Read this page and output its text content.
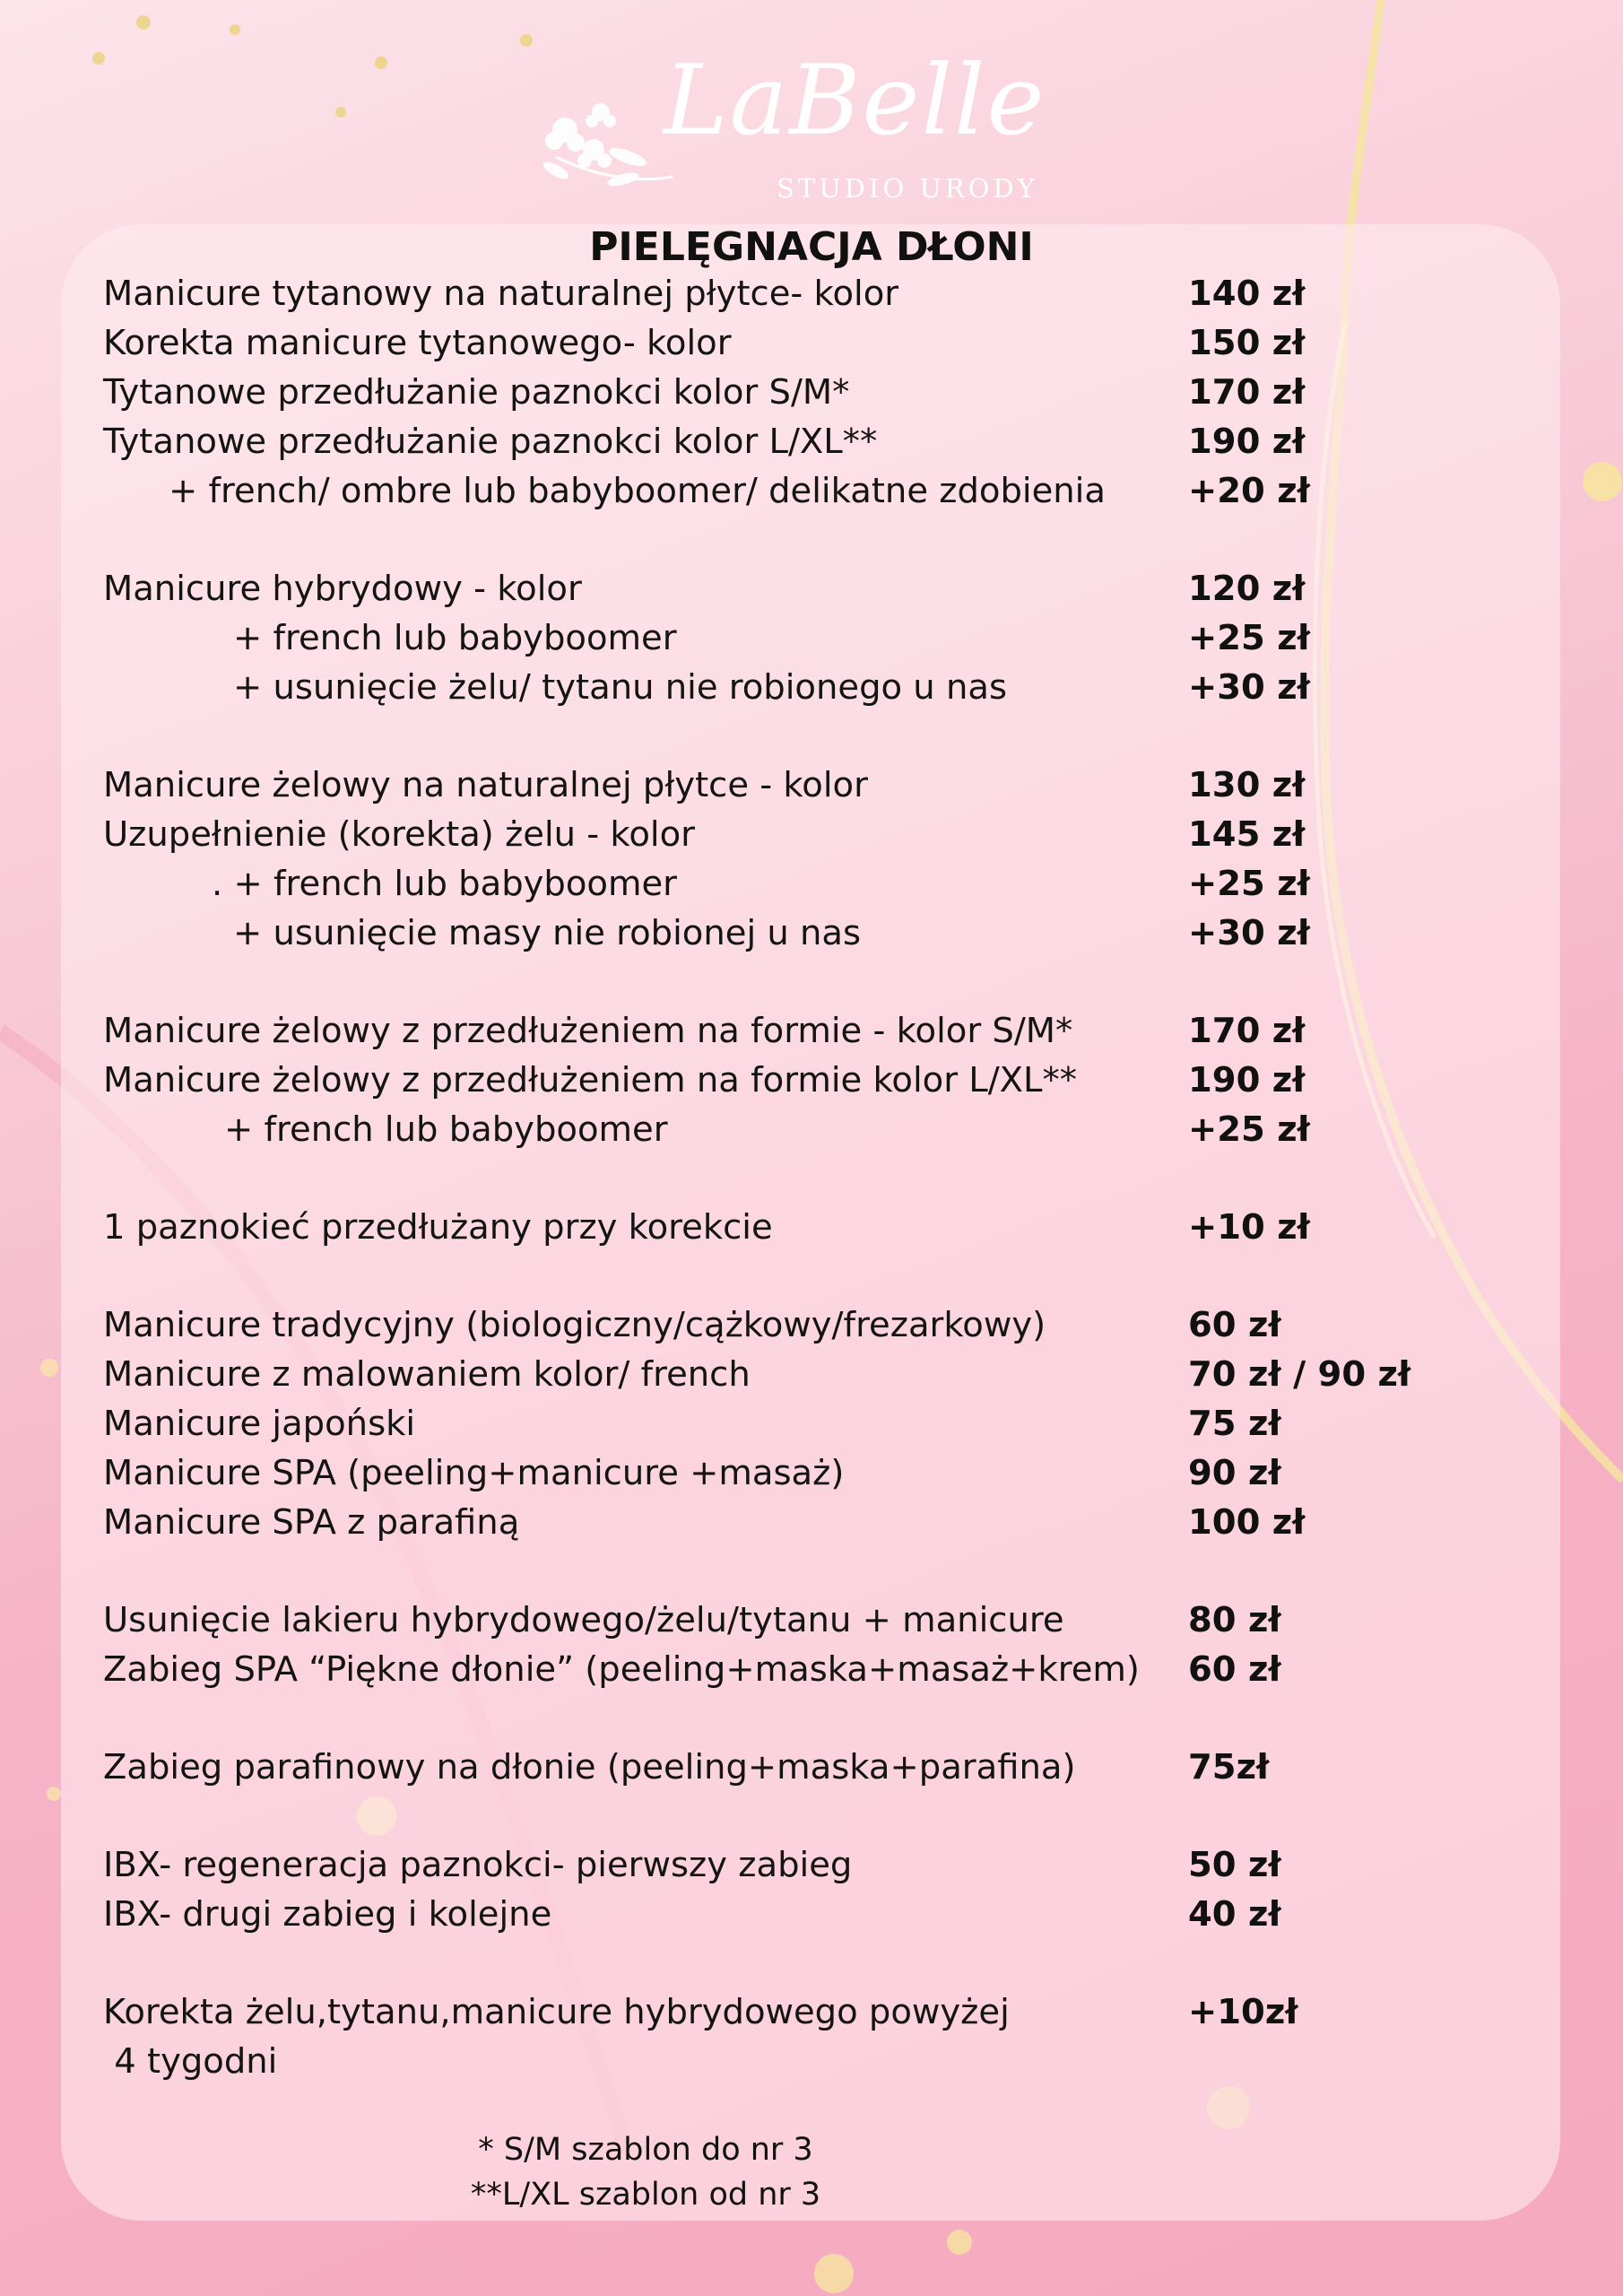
LaBelle
STUDIO URODY
PIELĘGNACJA DŁONI
Manicure tytanowy na naturalnej płytce- kolor	140 zł
Korekta manicure tytanowego- kolor	150 zł
Tytanowe przedłużanie paznokci kolor S/M*	170 zł
Tytanowe przedłużanie paznokci kolor L/XL**	190 zł
+ french/ ombre lub babyboomer/ delikatne zdobienia +20 zł
Manicure hybrydowy - kolor	120 zł
+ french lub babyboomer	+25 zł
+ usunięcie żelu/ tytanu nie robionego u nas	+30 zł
Manicure żelowy na naturalnej płytce - kolor	130 zł
Uzupełnienie (korekta) żelu - kolor	145 zł
. + french lub babyboomer	+25 zł
+ usunięcie masy nie robionej u nas	+30 zł
Manicure żelowy z przedłużeniem na formie - kolor S/M*	170 zł
Manicure żelowy z przedłużeniem na formie kolor L/XL**	190 zł
+ french lub babyboomer	+25 zł
1 paznokieć przedłużany przy korekcie	+10 zł
Manicure tradycyjny (biologiczny/cążkowy/frezarkowy)	60 zł
Manicure z malowaniem kolor/ french	70 zł / 90 zł
Manicure japoński	75 zł
Manicure SPA (peeling+manicure +masaż)	90 zł
Manicure SPA z parafiną	100 zł
Usunięcie lakieru hybrydowego/żelu/tytanu + manicure	80 zł
Zabieg SPA “Piękne dłonie” (peeling+maska+masaż+krem) 60 zł
Zabieg parafinowy na dłonie (peeling+maska+parafina)	75zł
IBX- regeneracja paznokci- pierwszy zabieg	50 zł
IBX- drugi zabieg i kolejne	40 zł
Korekta żelu,tytanu,manicure hybrydowego powyżej	+10zł
4 tygodni
* S/M szablon do nr 3
**L/XL szablon od nr 3
